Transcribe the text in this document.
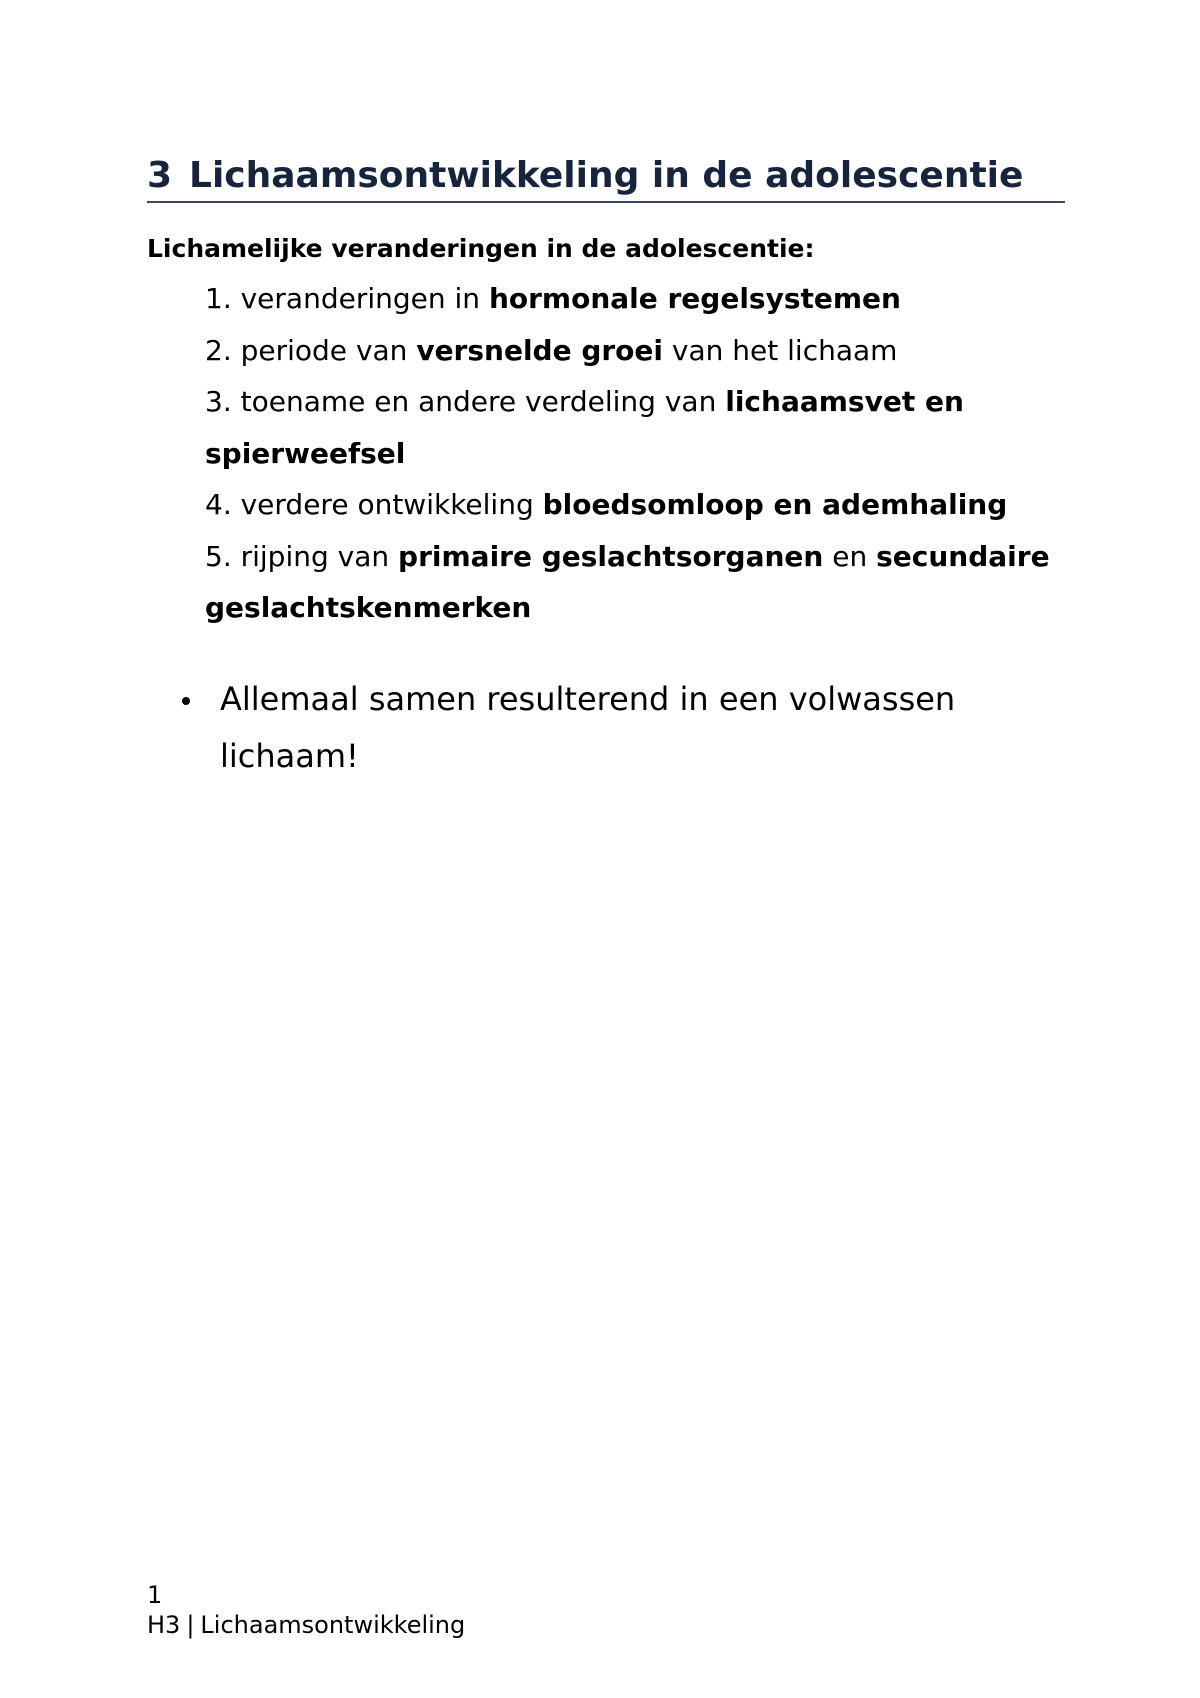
3 Lichaamsontwikkeling in de adolescentie

Lichamelijke veranderingen in de adolescentie:

1. veranderingen in hormonale regelsystemen
2. periode van versnelde groei van het lichaam
3. toename en andere verdeling van lichaamsvet en spierweefsel
4. verdere ontwikkeling bloedsomloop en ademhaling
5. rijping van primaire geslachtsorganen en secundaire geslachtskenmerken
Allemaal samen resulterend in een volwassen lichaam!
1
H3 | Lichaamsontwikkeling
